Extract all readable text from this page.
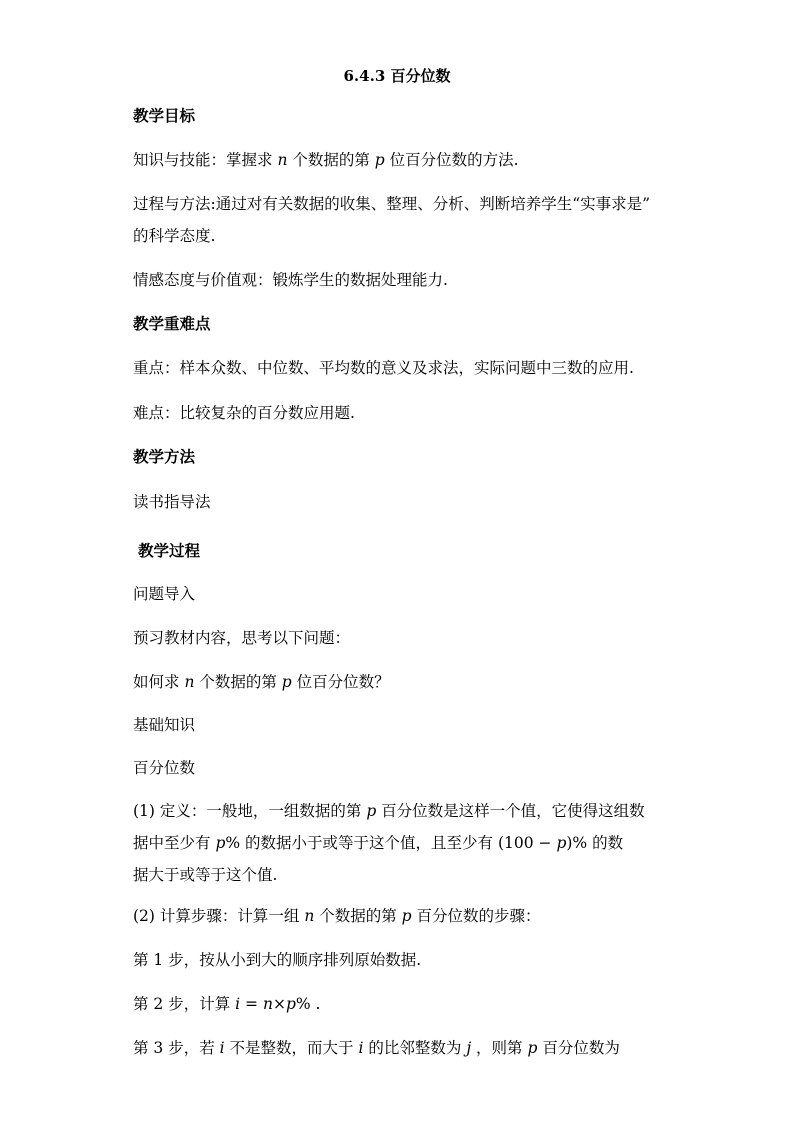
6.4.3 百分位数
教学目标
知识与技能：掌握求 n 个数据的第 p 位百分位数的方法.
过程与方法:通过对有关数据的收集、整理、分析、判断培养学生“实事求是”
的科学态度.
情感态度与价值观：锻炼学生的数据处理能力.
教学重难点
重点：样本众数、中位数、平均数的意义及求法，实际问题中三数的应用.
难点：比较复杂的百分数应用题.
教学方法
读书指导法
教学过程
问题导入
预习教材内容，思考以下问题：
如何求 n 个数据的第 p 位百分位数？
基础知识
百分位数
(1) 定义：一般地，一组数据的第 p 百分位数是这样一个值，它使得这组数
据中至少有 p% 的数据小于或等于这个值，且至少有 (100 − p)% 的数
据大于或等于这个值.
(2) 计算步骤：计算一组 n 个数据的第 p 百分位数的步骤：
第 1 步，按从小到大的顺序排列原始数据.
第 2 步，计算 i = n×p% .
第 3 步，若 i 不是整数，而大于 i 的比邻整数为 j ，则第 p 百分位数为
